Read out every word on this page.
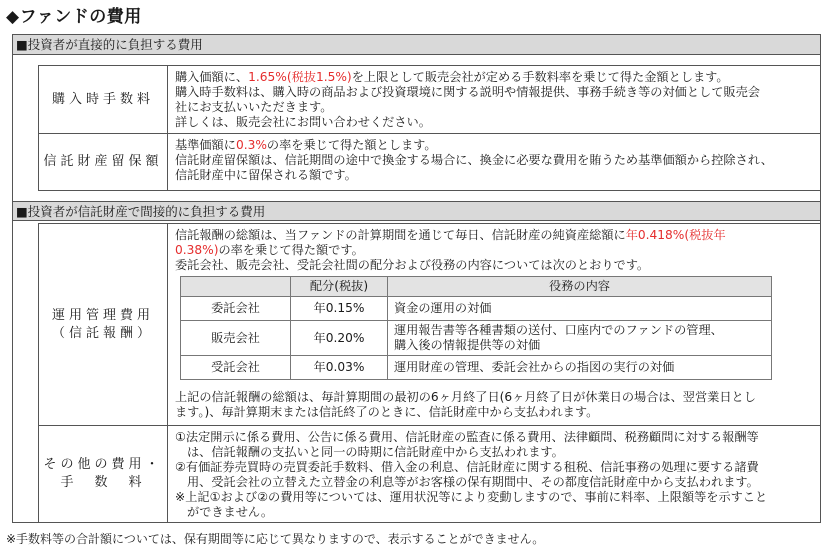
◆ファンドの費用
■投資者が直接的に負担する費用
購入時手数料
購入価額に、1.65%(税抜1.5%)を上限として販売会社が定める手数料率を乗じて得た金額とします。
購入時手数料は、購入時の商品および投資環境に関する説明や情報提供、事務手続き等の対価として販売会
社にお支払いいただきます。
詳しくは、販売会社にお問い合わせください。
信託財産留保額
基準価額に0.3%の率を乗じて得た額とします。
信託財産留保額は、信託期間の途中で換金する場合に、換金に必要な費用を賄うため基準価額から控除され、
信託財産中に留保される額です。
■投資者が信託財産で間接的に負担する費用
運用管理費用
（信託報酬）
信託報酬の総額は、当ファンドの計算期間を通じて毎日、信託財産の純資産総額に年0.418%(税抜年
0.38%)の率を乗じて得た額です。
委託会社、販売会社、受託会社間の配分および役務の内容については次のとおりです。
	配分(税抜)	役務の内容
委託会社	年0.15%	資金の運用の対価
販売会社	年0.20%	運用報告書等各種書類の送付、口座内でのファンドの管理、
購入後の情報提供等の対価

受託会社	年0.03%	運用財産の管理、委託会社からの指図の実行の対価
上記の信託報酬の総額は、毎計算期間の最初の6ヶ月終了日(6ヶ月終了日が休業日の場合は、翌営業日とし
ます。)、毎計算期末または信託終了のときに、信託財産中から支払われます。
その他の費用・
手　数　料
①法定開示に係る費用、公告に係る費用、信託財産の監査に係る費用、法律顧問、税務顧問に対する報酬等
は、信託報酬の支払いと同一の時期に信託財産中から支払われます。
②有価証券売買時の売買委託手数料、借入金の利息、信託財産に関する租税、信託事務の処理に要する諸費
用、受託会社の立替えた立替金の利息等がお客様の保有期間中、その都度信託財産中から支払われます。
※上記①および②の費用等については、運用状況等により変動しますので、事前に料率、上限額等を示すこと
ができません。
※手数料等の合計額については、保有期間等に応じて異なりますので、表示することができません。
